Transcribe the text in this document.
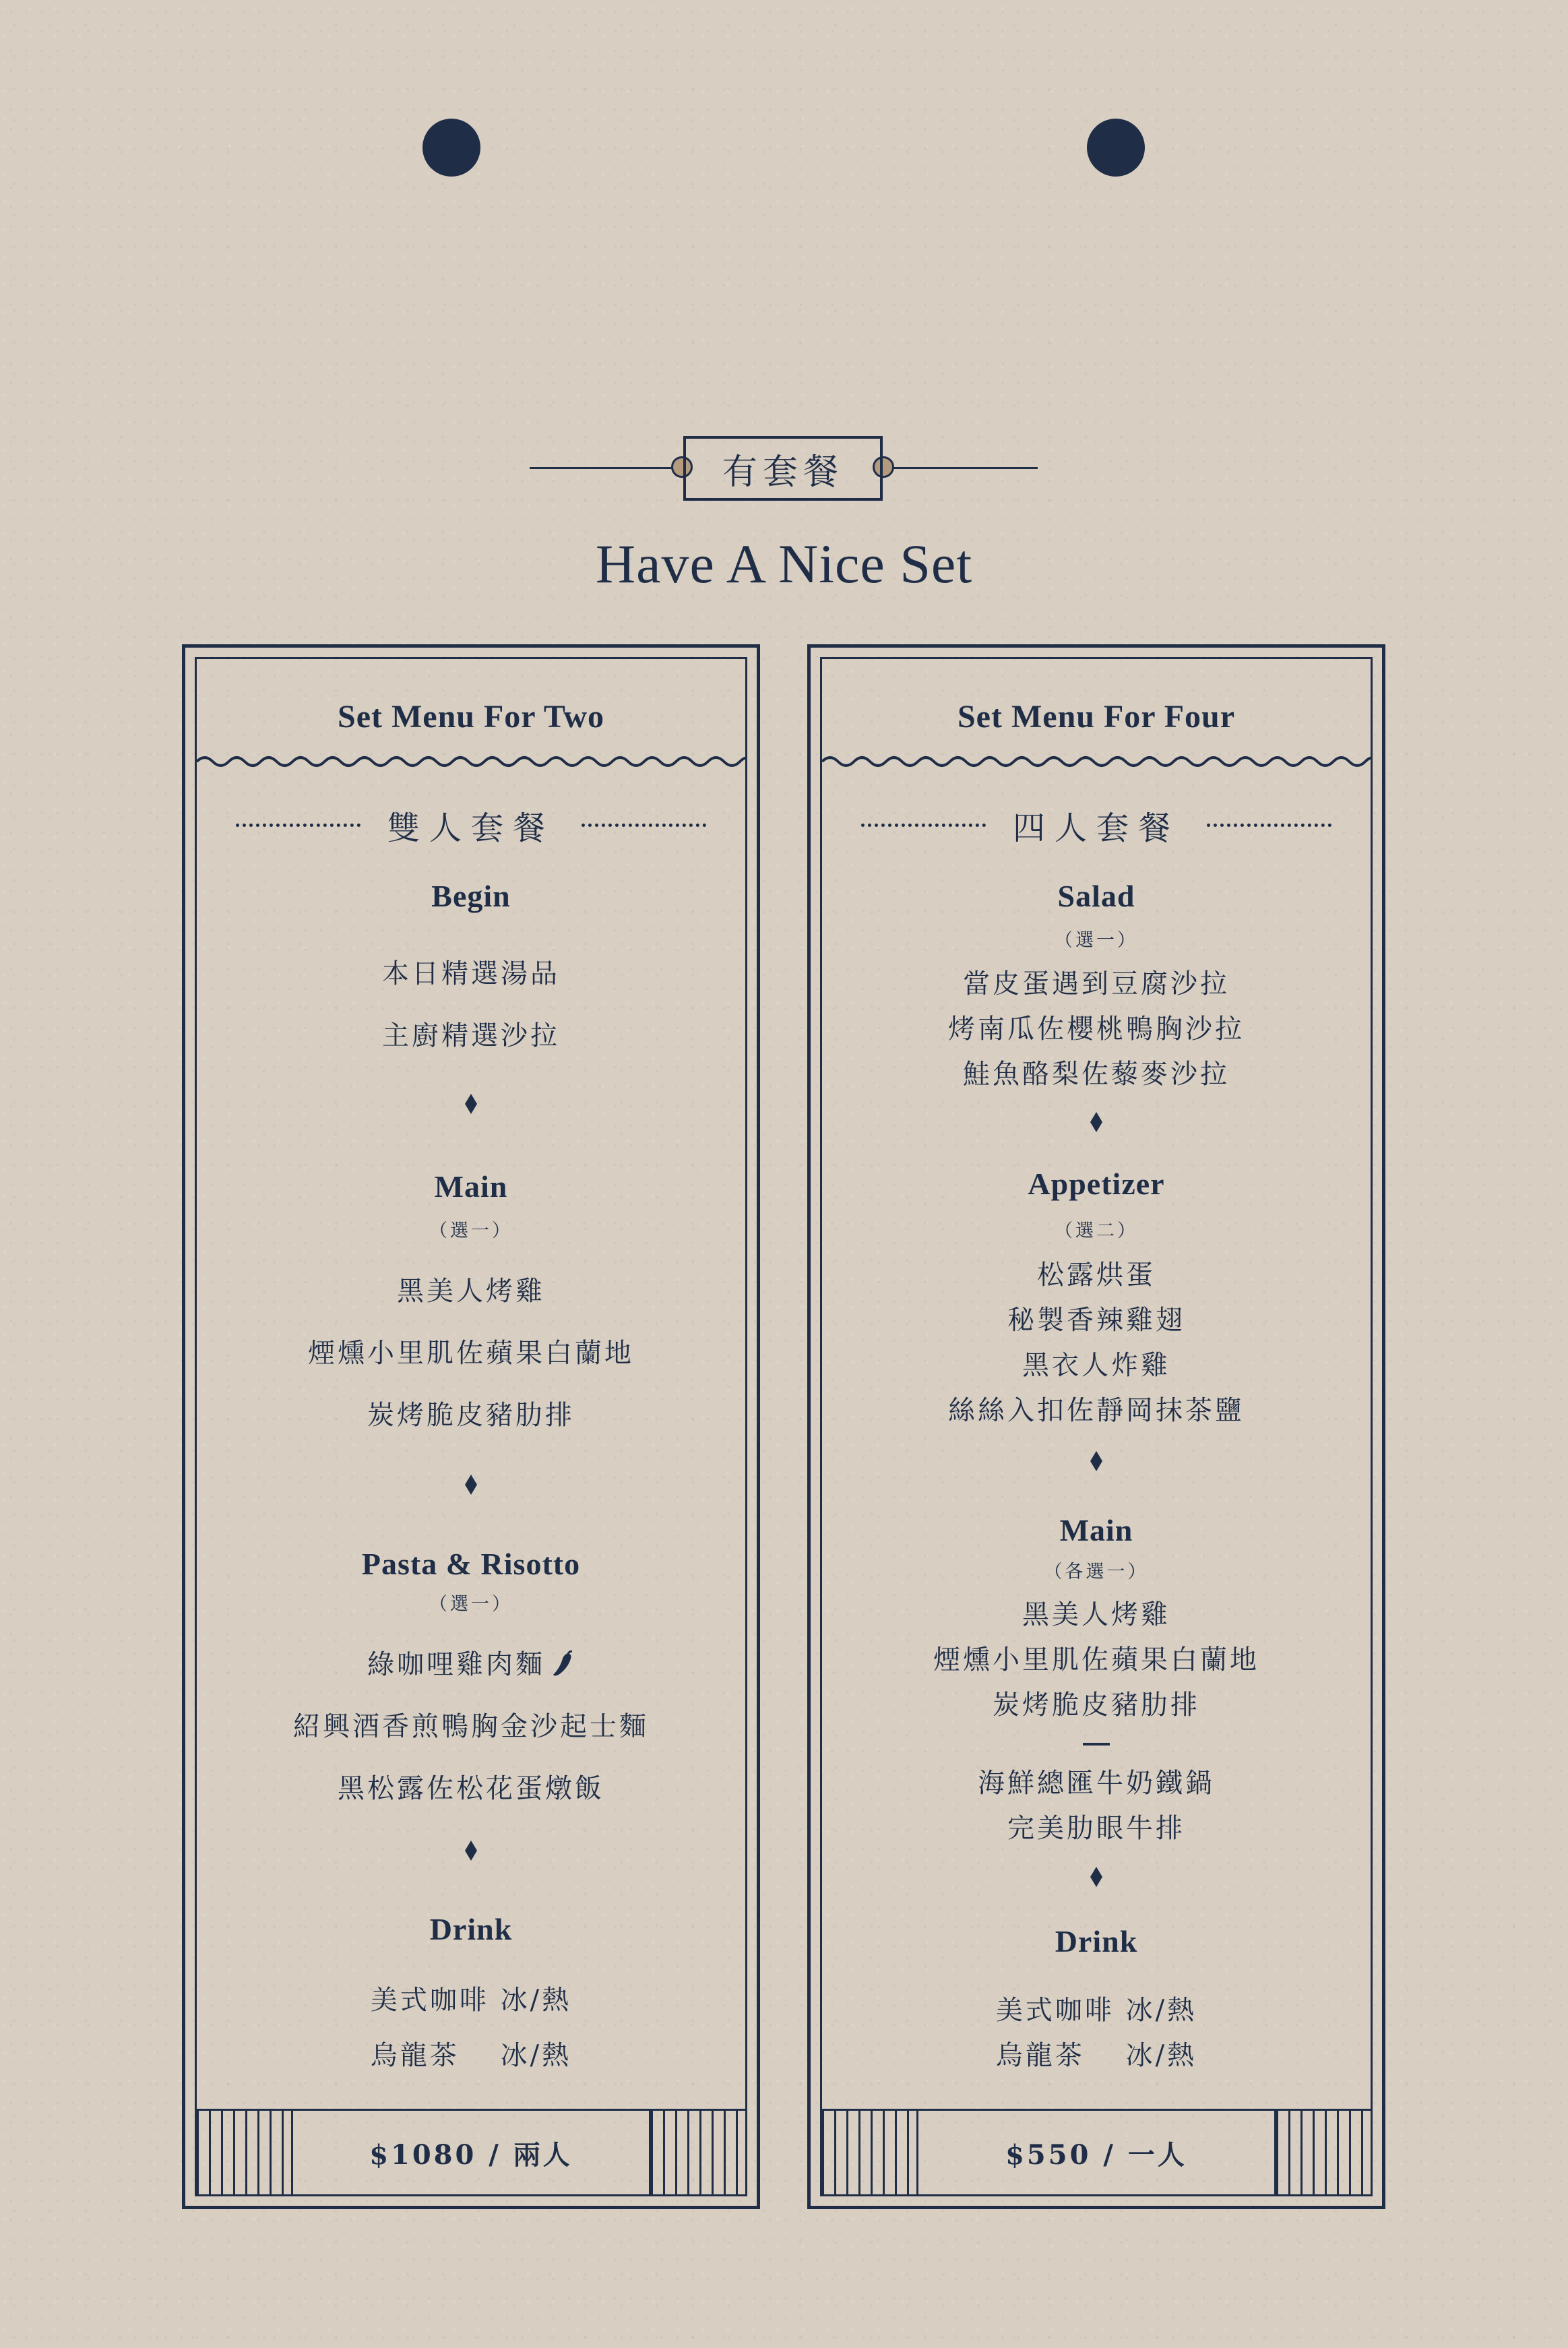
有套餐
Have A Nice Set
Set Menu For Two
雙人套餐
Begin
本日精選湯品
主廚精選沙拉
Main
（選一）
黑美人烤雞
煙燻小里肌佐蘋果白蘭地
炭烤脆皮豬肋排
Pasta & Risotto
（選一）
綠咖哩雞肉麵
紹興酒香煎鴨胸金沙起士麵
黑松露佐松花蛋燉飯
Drink
美式咖啡 冰/熱
烏龍茶　 冰/熱
$1080 / 兩人
Set Menu For Four
四人套餐
Salad
（選一）
當皮蛋遇到豆腐沙拉
烤南瓜佐櫻桃鴨胸沙拉
鮭魚酪梨佐藜麥沙拉
Appetizer
（選二）
松露烘蛋
秘製香辣雞翅
黑衣人炸雞
絲絲入扣佐靜岡抹茶鹽
Main
（各選一）
黑美人烤雞
煙燻小里肌佐蘋果白蘭地
炭烤脆皮豬肋排
海鮮總匯牛奶鐵鍋
完美肋眼牛排
Drink
美式咖啡 冰/熱
烏龍茶　 冰/熱
$550 / 一人
